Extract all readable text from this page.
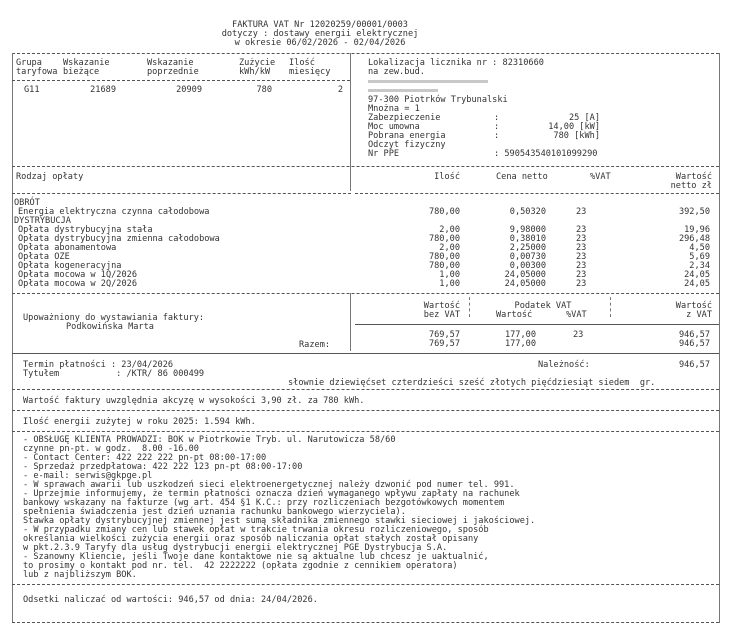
FAKTURA VAT Nr 12020259/00001/0003
dotyczy : dostawy energii elektrycznej
w okresie 06/02/2026 - 02/04/2026
Grupa Wskazanie	Wskazanie	Zużycie Ilość
taryfowa bieżące	poprzednie	kWh/kW miesięcy
G11	21689	20909	780	2
Lokalizacja licznika nr : 82310660
na zew.bud.
97-300 Piotrków Trybunalski
Mnożna = 1
Zabezpieczenie	:	25 [A]
Moc umowna	:	14,00 [kW]
Pobrana energia	:	780 [kWh]
Odczyt fizyczny
Nr PPE	: 590543540101099290
Rodzaj opłaty	Ilość	Cena netto	%VAT	Wartość
netto zł
OBRÓT
Energia elektryczna czynna całodobowa	780,00	0,50320	23	392,50
DYSTRYBUCJA
Opłata dystrybucyjna stała	2,00	9,98000	23	19,96
Opłata dystrybucyjna zmienna całodobowa	780,00	0,38010	23	296,48
Opłata abonamentowa	2,00	2,25000	23	4,50
Opłata OZE	780,00	0,00730	23	5,69
Opłata kogeneracyjna	780,00	0,00300	23	2,34
Opłata mocowa w 1Q/2026	1,00	24,05000	23	24,05
Opłata mocowa w 2Q/2026	1,00	24,05000	23	24,05
Upoważniony do wystawiania faktury:
Podkowińska Marta
Razem:
Wartość
bez VAT
Podatek VAT
Wartość	%VAT
Wartość
z VAT
769,57	177,00	23	946,57
769,57	177,00	946,57
Termin płatności : 23/04/2026
Tytułem           : /KTR/ 86 000499
Należność:	946,57
słownie dziewięćset czterdzieści sześć złotych pięćdziesiąt siedem  gr.
Wartość faktury uwzględnia akcyzę w wysokości 3,90 zł. za 780 kWh.
Ilość energii zużytej w roku 2025: 1.594 kWh.
- OBSŁUGĘ KLIENTA PROWADZI: BOK w Piotrkowie Tryb. ul. Narutowicza 58/60
czynne pn-pt. w godz.  8.00 -16.00
- Contact Center: 422 222 222 pn-pt 08:00-17:00
- Sprzedaż przedpłatowa: 422 222 123 pn-pt 08:00-17:00
- e-mail: serwis@gkpge.pl
- W sprawach awarii lub uszkodzeń sieci elektroenergetycznej należy dzwonić pod numer tel. 991.
- Uprzejmie informujemy, że termin płatności oznacza dzień wymaganego wpływu zapłaty na rachunek
bankowy wskazany na fakturze (wg art. 454 §1 K.C.: przy rozliczeniach bezgotówkowych momentem
spełnienia świadczenia jest dzień uznania rachunku bankowego wierzyciela).
Stawka opłaty dystrybucyjnej zmiennej jest sumą składnika zmiennego stawki sieciowej i jakościowej.
- W przypadku zmiany cen lub stawek opłat w trakcie trwania okresu rozliczeniowego, sposób
określania wielkości zużycia energii oraz sposób naliczania opłat stałych został opisany
w pkt.2.3.9 Taryfy dla usług dystrybucji energii elektrycznej PGE Dystrybucja S.A.
- Szanowny Kliencie, jeśli Twoje dane kontaktowe nie są aktualne lub chcesz je uaktualnić,
to prosimy o kontakt pod nr. tel.  42 2222222 (opłata zgodnie z cennikiem operatora)
lub z najbliższym BOK.
Odsetki naliczać od wartości: 946,57 od dnia: 24/04/2026.
